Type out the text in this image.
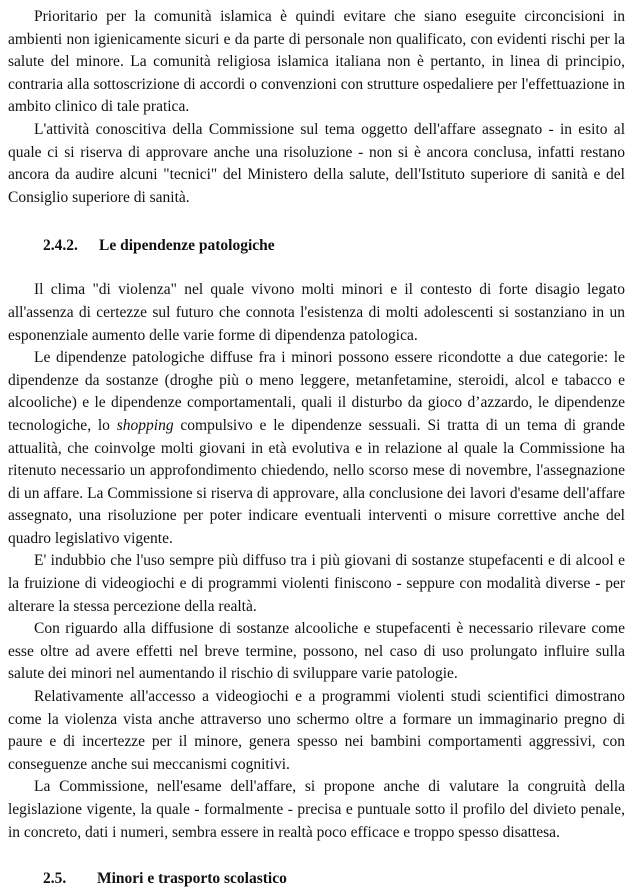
Prioritario per la comunità islamica è quindi evitare che siano eseguite circoncisioni in ambienti non igienicamente sicuri e da parte di personale non qualificato, con evidenti rischi per la salute del minore. La comunità religiosa islamica italiana non è pertanto, in linea di principio, contraria alla sottoscrizione di accordi o convenzioni con strutture ospedaliere per l'effettuazione in ambito clinico di tale pratica.

L'attività conoscitiva della Commissione sul tema oggetto dell'affare assegnato - in esito al quale ci si riserva di approvare anche una risoluzione - non si è ancora conclusa, infatti restano ancora da audire alcuni "tecnici" del Ministero della salute, dell'Istituto superiore di sanità e del Consiglio superiore di sanità.

2.4.2.	Le dipendenze patologiche

Il clima "di violenza" nel quale vivono molti minori e il contesto di forte disagio legato all'assenza di certezze sul futuro che connota l'esistenza di molti adolescenti si sostanziano in un esponenziale aumento delle varie forme di dipendenza patologica.

Le dipendenze patologiche diffuse fra i minori possono essere ricondotte a due categorie: le dipendenze da sostanze (droghe più o meno leggere, metanfetamine, steroidi, alcol e tabacco e alcooliche) e le dipendenze comportamentali, quali il disturbo da gioco d’azzardo, le dipendenze tecnologiche, lo shopping compulsivo e le dipendenze sessuali. Si tratta di un tema di grande attualità, che coinvolge molti giovani in età evolutiva e in relazione al quale la Commissione ha ritenuto necessario un approfondimento chiedendo, nello scorso mese di novembre, l'assegnazione di un affare. La Commissione si riserva di approvare, alla conclusione dei lavori d'esame dell'affare assegnato, una risoluzione per poter indicare eventuali interventi o misure correttive anche del quadro legislativo vigente.

E' indubbio che l'uso sempre più diffuso tra i più giovani di sostanze stupefacenti e di alcool e la fruizione di videogiochi e di programmi violenti finiscono - seppure con modalità diverse - per alterare la stessa percezione della realtà.

Con riguardo alla diffusione di sostanze alcooliche e stupefacenti è necessario rilevare come esse oltre ad avere effetti nel breve termine, possono, nel caso di uso prolungato influire sulla salute dei minori nel aumentando il rischio di sviluppare varie patologie.

Relativamente all'accesso a videogiochi e a programmi violenti studi scientifici dimostrano come la violenza vista anche attraverso uno schermo oltre a formare un immaginario pregno di paure e di incertezze per il minore, genera spesso nei bambini comportamenti aggressivi, con conseguenze anche sui meccanismi cognitivi.

La Commissione, nell'esame dell'affare, si propone anche di valutare la congruità della legislazione vigente, la quale - formalmente - precisa e puntuale sotto il profilo del divieto penale, in concreto, dati i numeri, sembra essere in realtà poco efficace e troppo spesso disattesa.

2.5.	Minori e trasporto scolastico
